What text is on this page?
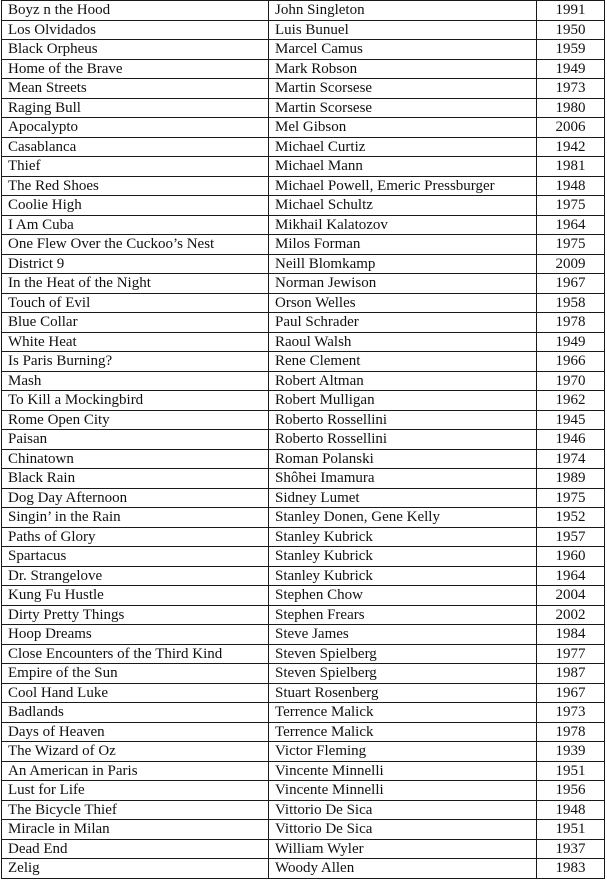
Boyz n the Hood	John Singleton	1991
Los Olvidados	Luis Bunuel	1950
Black Orpheus	Marcel Camus	1959
Home of the Brave	Mark Robson	1949
Mean Streets	Martin Scorsese	1973
Raging Bull	Martin Scorsese	1980
Apocalypto	Mel Gibson	2006
Casablanca	Michael Curtiz	1942
Thief	Michael Mann	1981
The Red Shoes	Michael Powell, Emeric Pressburger	1948
Coolie High	Michael Schultz	1975
I Am Cuba	Mikhail Kalatozov	1964
One Flew Over the Cuckoo’s Nest	Milos Forman	1975
District 9	Neill Blomkamp	2009
In the Heat of the Night	Norman Jewison	1967
Touch of Evil	Orson Welles	1958
Blue Collar	Paul Schrader	1978
White Heat	Raoul Walsh	1949
Is Paris Burning?	Rene Clement	1966
Mash	Robert Altman	1970
To Kill a Mockingbird	Robert Mulligan	1962
Rome Open City	Roberto Rossellini	1945
Paisan	Roberto Rossellini	1946
Chinatown	Roman Polanski	1974
Black Rain	Shôhei Imamura	1989
Dog Day Afternoon	Sidney Lumet	1975
Singin’ in the Rain	Stanley Donen, Gene Kelly	1952
Paths of Glory	Stanley Kubrick	1957
Spartacus	Stanley Kubrick	1960
Dr. Strangelove	Stanley Kubrick	1964
Kung Fu Hustle	Stephen Chow	2004
Dirty Pretty Things	Stephen Frears	2002
Hoop Dreams	Steve James	1984
Close Encounters of the Third Kind	Steven Spielberg	1977
Empire of the Sun	Steven Spielberg	1987
Cool Hand Luke	Stuart Rosenberg	1967
Badlands	Terrence Malick	1973
Days of Heaven	Terrence Malick	1978
The Wizard of Oz	Victor Fleming	1939
An American in Paris	Vincente Minnelli	1951
Lust for Life	Vincente Minnelli	1956
The Bicycle Thief	Vittorio De Sica	1948
Miracle in Milan	Vittorio De Sica	1951
Dead End	William Wyler	1937
Zelig	Woody Allen	1983
